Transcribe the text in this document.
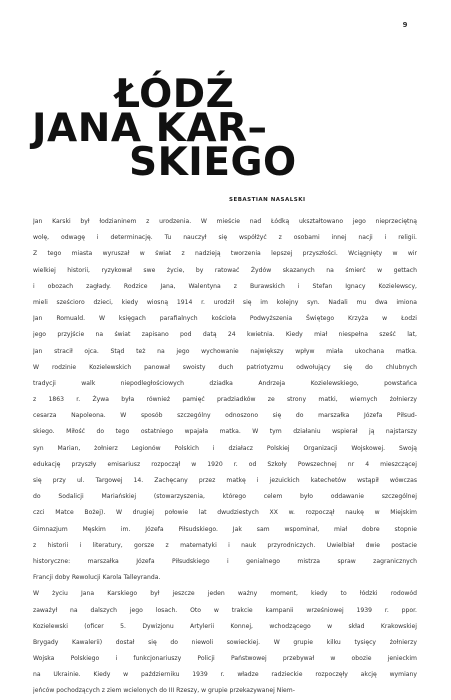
9
ŁÓDŹ
JANA KAR–
SKIEGO
SEBASTIAN NASALSKI
Jan Karski był łodzianinem z urodzenia. W mieście nad Łódką ukształtowano jego nieprzeciętną
wolę, odwagę i determinację. Tu nauczył się współżyć z osobami innej nacji i religii.
Z tego miasta wyruszał w świat z nadzieją tworzenia lepszej przyszłości. Wciągnięty w wir
wielkiej historii, ryzykował swe życie, by ratować Żydów skazanych na śmierć w gettach
i obozach zagłady. Rodzice Jana, Walentyna z Burawskich i Stefan Ignacy Kozielewscy,
mieli sześcioro dzieci, kiedy wiosną 1914 r. urodził się im kolejny syn. Nadali mu dwa imiona
Jan Romuald. W księgach parafialnych kościoła Podwyższenia Świętego Krzyża w Łodzi
jego przyjście na świat zapisano pod datą 24 kwietnia. Kiedy miał niespełna sześć lat,
Jan stracił ojca. Stąd też na jego wychowanie największy wpływ miała ukochana matka.
W rodzinie Kozielewskich panował swoisty duch patriotyzmu odwołujący się do chlubnych
tradycji walk niepodległościowych dziadka Andrzeja Kozielewskiego, powstańca
z 1863 r. Żywa była również pamięć pradziadków ze strony matki, wiernych żołnierzy
cesarza Napoleona. W sposób szczególny odnoszono się do marszałka Józefa Piłsud-
skiego. Miłość do tego ostatniego wpajała matka. W tym działaniu wspierał ją najstarszy
syn Marian, żołnierz Legionów Polskich i działacz Polskiej Organizacji Wojskowej. Swoją
edukację przyszły emisariusz rozpoczął w 1920 r. od Szkoły Powszechnej nr 4 mieszczącej
się przy ul. Targowej 14. Zachęcany przez matkę i jezuickich katechetów wstąpił wówczas
do Sodalicji Mariańskiej (stowarzyszenia, którego celem było oddawanie szczególnej
czci Matce Bożej). W drugiej połowie lat dwudziestych XX w. rozpoczął naukę w Miejskim
Gimnazjum Męskim im. Józefa Piłsudskiego. Jak sam wspominał, miał dobre stopnie
z historii i literatury, gorsze z matematyki i nauk przyrodniczych. Uwielbiał dwie postacie
historyczne: marszałka Józefa Piłsudskiego i genialnego mistrza spraw zagranicznych
Francji doby Rewolucji Karola Talleyranda.
W życiu Jana Karskiego był jeszcze jeden ważny moment, kiedy to łódzki rodowód
zaważył na dalszych jego losach. Oto w trakcie kampanii wrześniowej 1939 r. ppor.
Kozielewski (oficer 5. Dywizjonu Artylerii Konnej, wchodzącego w skład Krakowskiej
Brygady Kawalerii) dostał się do niewoli sowieckiej. W grupie kilku tysięcy żołnierzy
Wojska Polskiego i funkcjonariuszy Policji Państwowej przebywał w obozie jenieckim
na Ukrainie. Kiedy w październiku 1939 r. władze radzieckie rozpoczęły akcję wymiany
jeńców pochodzących z ziem wcielonych do III Rzeszy, w grupie przekazywanej Niem-
